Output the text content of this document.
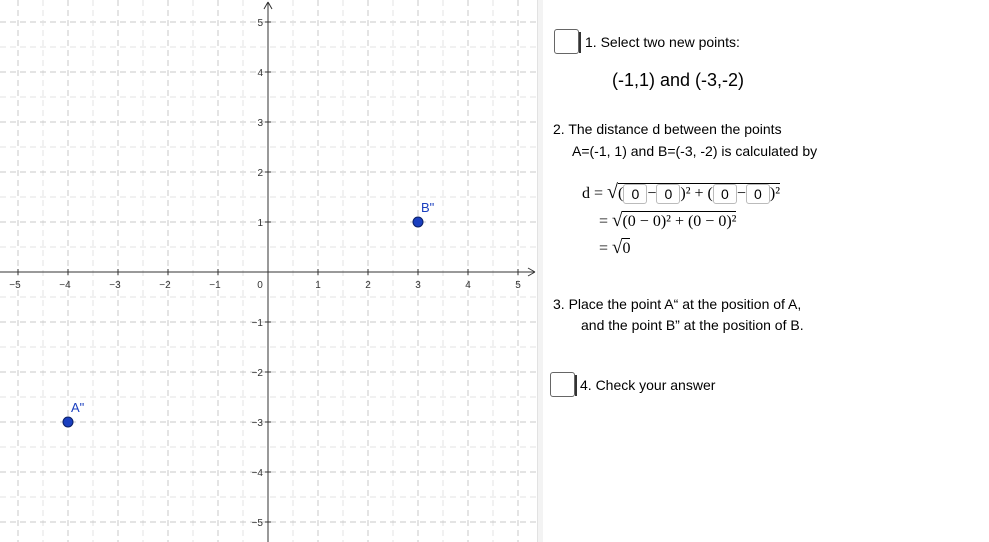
−5	−4	−3	−2	−1	0	1	2	3	4	5
5
4
3
2
1
−1
−2
−3
−4
−5
B"
A"
1. Select two new points:
(-1,1) and (-3,-2)
2. The distance d between the points
A=(-1, 1) and B=(-3, -2) is calculated by
d = √( 0 − 0 )² + ( 0 − 0 )²
= √(0 − 0)² + (0 − 0)²
= √0
3. Place the point A“ at the position of A,
and the point B” at the position of B.
4. Check your answer
